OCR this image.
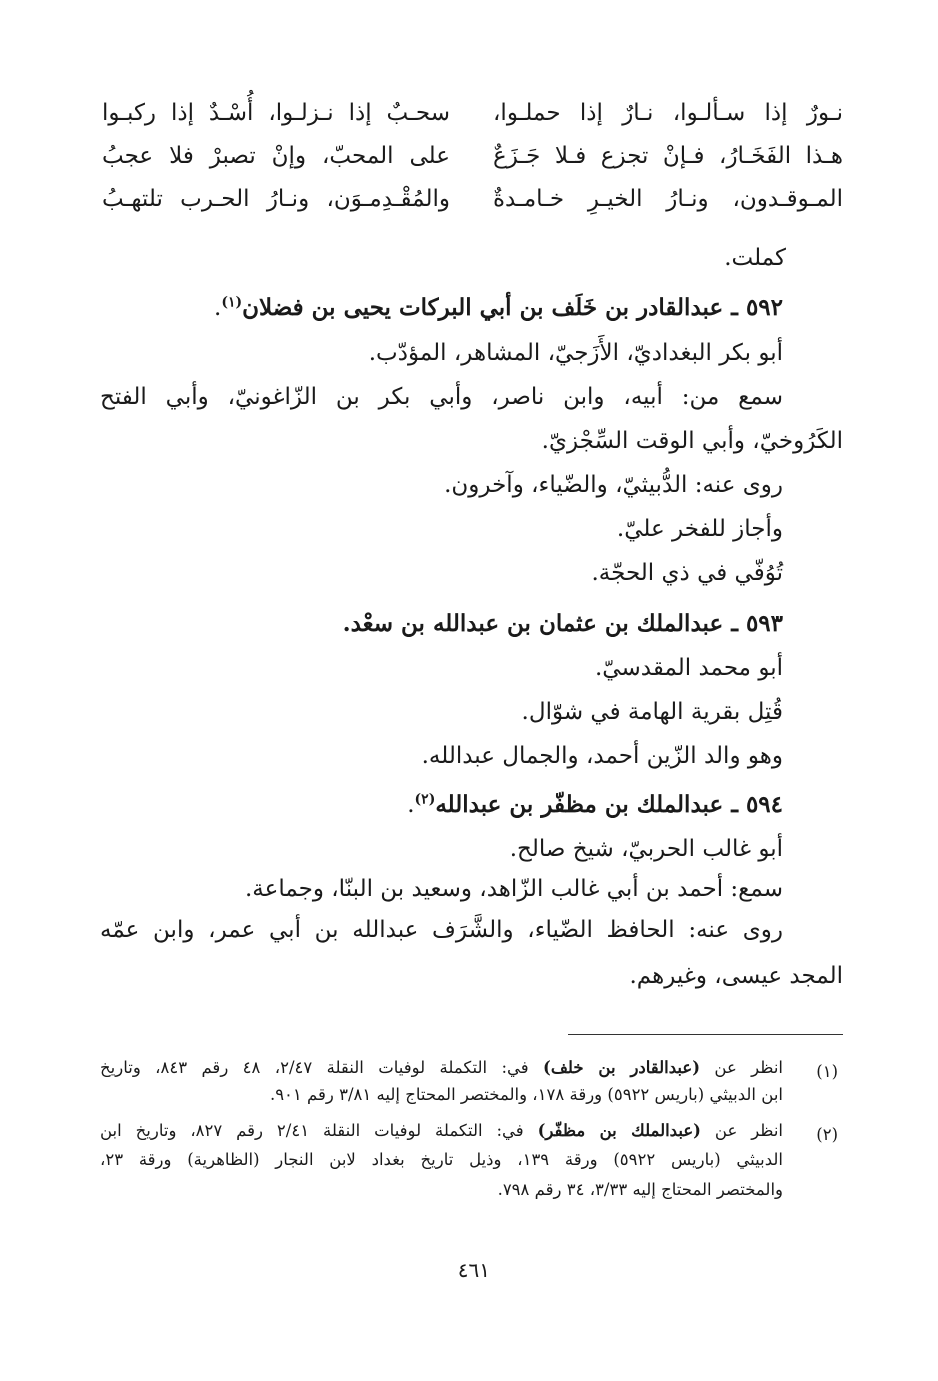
نـورٌ إذا سـألـوا، نـارٌ إذا حملـوا،
سحـبٌ إذا نـزلـوا، أُسْـدٌ إذا ركبـوا
هـذا الفَخَـارُ، فـإنْ تجزع فـلا جَـزَعٌ
على المحبّ، وإنْ تصبرْ فلا عجبُ
المـوقـدون، ونـارُ الخيـرِ خـامـدةٌ
والمُقْـدِمـوَن، ونـارُ الحـرب تلتهـبُ
كملت.
٥٩٢ ـ عبدالقادر بن خَلَف بن أبي البركات يحيى بن فضلان$^{(١)}$.
أبو بكر البغداديّ، الأَزَجيّ، المشاهر، المؤدّب.
سمع من: أبيه، وابن ناصر، وأبي بكر بن الزّاغونيّ، وأبي الفتح
الكَرُوخيّ، وأبي الوقت السِّجْزيّ.
روى عنه: الدُّبيثيّ، والضّياء، وآخرون.
وأجاز للفخر عليّ.
تُوُفّي في ذي الحجّة.
٥٩٣ ـ عبدالملك بن عثمان بن عبدالله بن سعْد.
أبو محمد المقدسيّ.
قُتِل بقرية الهامة في شوّال.
وهو والد الزّين أحمد، والجمال عبدالله.
٥٩٤ ـ عبدالملك بن مظفّر بن عبدالله$^{(٢)}$.
أبو غالب الحربيّ، شيخ صالح.
سمع: أحمد بن أبي غالب الزّاهد، وسعيد بن البنّا، وجماعة.
روى عنه: الحافظ الضّياء، والشَّرَف عبدالله بن أبي عمر، وابن عمّه
المجد عيسى، وغيرهم.
(١)
انظر عن (عبدالقادر بن خلف) في: التكملة لوفيات النقلة ٢/٤٧، ٤٨ رقم ٨٤٣، وتاريخ
ابن الدبيثي (باريس ٥٩٢٢) ورقة ١٧٨، والمختصر المحتاج إليه ٣/٨١ رقم ٩٠١.
(٢)
انظر عن (عبدالملك بن مظفّر) في: التكملة لوفيات النقلة ٢/٤١ رقم ٨٢٧، وتاريخ ابن
الدبيثي (باريس ٥٩٢٢) ورقة ١٣٩، وذيل تاريخ بغداد لابن النجار (الظاهرية) ورقة ٢٣،
والمختصر المحتاج إليه ٣/٣٣، ٣٤ رقم ٧٩٨.
٤٦١
